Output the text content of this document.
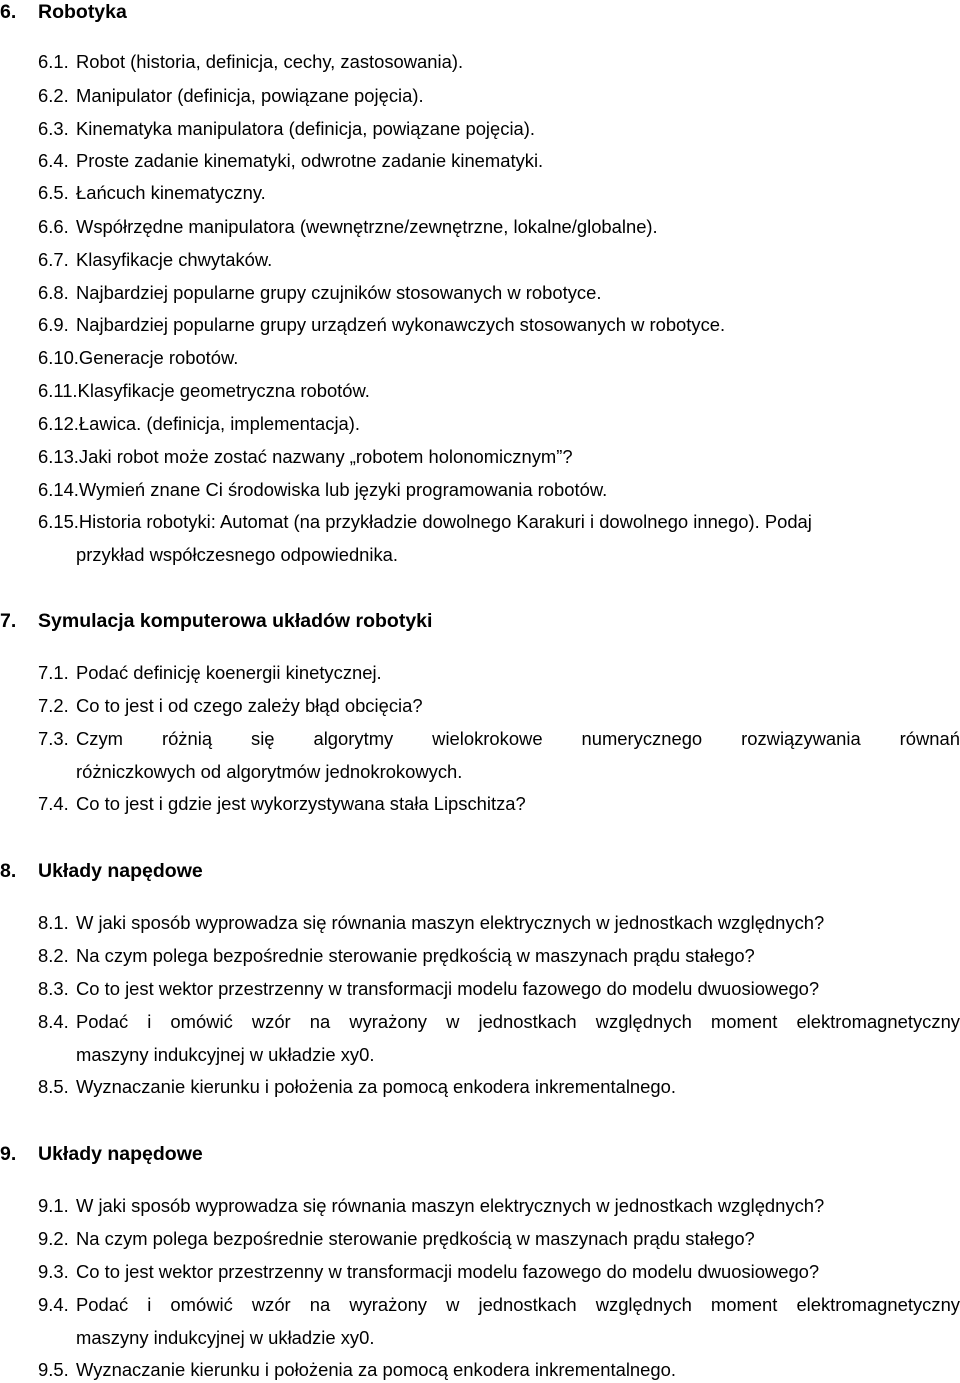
6. Robotyka
6.1. Robot (historia, definicja, cechy, zastosowania).
6.2. Manipulator (definicja, powiązane pojęcia).
6.3. Kinematyka manipulatora (definicja, powiązane pojęcia).
6.4. Proste zadanie kinematyki, odwrotne zadanie kinematyki.
6.5. Łańcuch kinematyczny.
6.6. Współrzędne manipulatora (wewnętrzne/zewnętrzne, lokalne/globalne).
6.7. Klasyfikacje chwytaków.
6.8. Najbardziej popularne grupy czujników stosowanych w robotyce.
6.9. Najbardziej popularne grupy urządzeń wykonawczych stosowanych w robotyce.
6.10.Generacje robotów.
6.11.Klasyfikacje geometryczna robotów.
6.12.Ławica. (definicja, implementacja).
6.13.Jaki robot może zostać nazwany „robotem holonomicznym”?
6.14.Wymień znane Ci środowiska lub języki programowania robotów.
6.15.Historia robotyki: Automat (na przykładzie dowolnego Karakuri i dowolnego innego). Podaj
przykład współczesnego odpowiednika.
7. Symulacja komputerowa układów robotyki
7.1. Podać definicję koenergii kinetycznej.
7.2. Co to jest i od czego zależy błąd obcięcia?
7.3. Czym różnią się algorytmy wielokrokowe numerycznego rozwiązywania równań
różniczkowych od algorytmów jednokrokowych.
7.4. Co to jest i gdzie jest wykorzystywana stała Lipschitza?
8. Układy napędowe
8.1. W jaki sposób wyprowadza się równania maszyn elektrycznych w jednostkach względnych?
8.2. Na czym polega bezpośrednie sterowanie prędkością w maszynach prądu stałego?
8.3. Co to jest wektor przestrzenny w transformacji modelu fazowego do modelu dwuosiowego?
8.4. Podać i omówić wzór na wyrażony w jednostkach względnych moment elektromagnetyczny
maszyny indukcyjnej w układzie xy0.
8.5. Wyznaczanie kierunku i położenia za pomocą enkodera inkrementalnego.
9. Układy napędowe
9.1. W jaki sposób wyprowadza się równania maszyn elektrycznych w jednostkach względnych?
9.2. Na czym polega bezpośrednie sterowanie prędkością w maszynach prądu stałego?
9.3. Co to jest wektor przestrzenny w transformacji modelu fazowego do modelu dwuosiowego?
9.4. Podać i omówić wzór na wyrażony w jednostkach względnych moment elektromagnetyczny
maszyny indukcyjnej w układzie xy0.
9.5. Wyznaczanie kierunku i położenia za pomocą enkodera inkrementalnego.
